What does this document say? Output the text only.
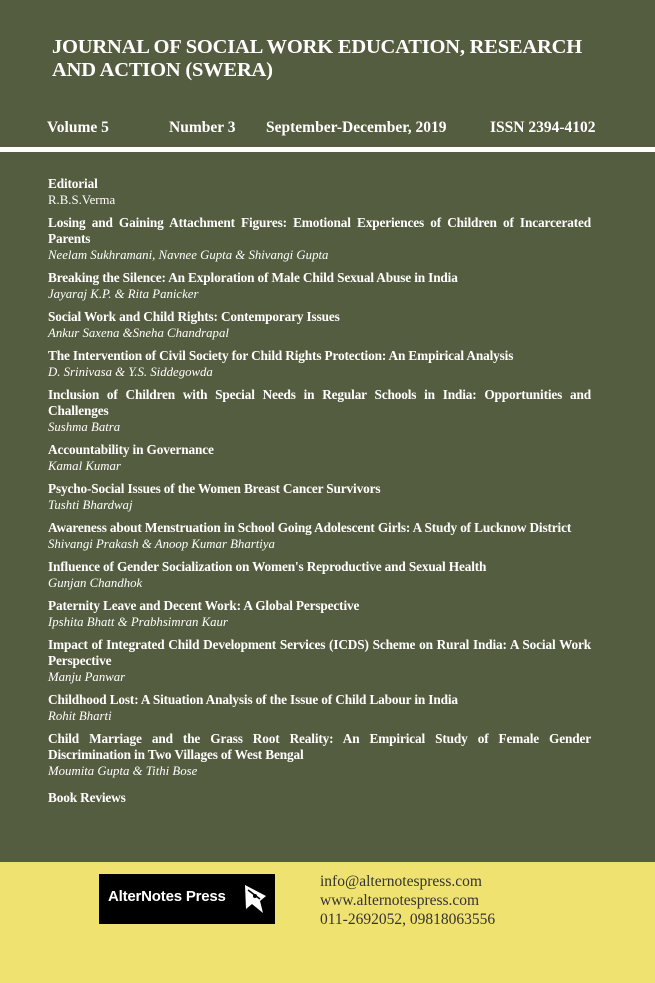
JOURNAL OF SOCIAL WORK EDUCATION, RESEARCH
AND ACTION (SWERA)
Volume 5	Number 3 September-December, 2019	ISSN 2394-4102
Editorial
R.B.S.Verma
Losing and Gaining Attachment Figures: Emotional Experiences of Children of Incarcerated Parents
Neelam Sukhramani, Navnee Gupta & Shivangi Gupta
Breaking the Silence: An Exploration of Male Child Sexual Abuse in India
Jayaraj K.P. & Rita Panicker
Social Work and Child Rights: Contemporary Issues
Ankur Saxena &Sneha Chandrapal
The Intervention of Civil Society for Child Rights Protection: An Empirical Analysis
D. Srinivasa & Y.S. Siddegowda
Inclusion of Children with Special Needs in Regular Schools in India: Opportunities and Challenges
Sushma Batra
Accountability in Governance
Kamal Kumar
Psycho-Social Issues of the Women Breast Cancer Survivors
Tushti Bhardwaj
Awareness about Menstruation in School Going Adolescent Girls: A Study of Lucknow District
Shivangi Prakash & Anoop Kumar Bhartiya
Influence of Gender Socialization on Women's Reproductive and Sexual Health
Gunjan Chandhok
Paternity Leave and Decent Work: A Global Perspective
Ipshita Bhatt & Prabhsimran Kaur
Impact of Integrated Child Development Services (ICDS) Scheme on Rural India: A Social Work Perspective
Manju Panwar
Childhood Lost: A Situation Analysis of the Issue of Child Labour in India
Rohit Bharti
Child Marriage and the Grass Root Reality: An Empirical Study of Female Gender Discrimination in Two Villages of West Bengal
Moumita Gupta & Tithi Bose
Book Reviews
AlterNotes Press
info@alternotespress.com
www.alternotespress.com
011-2692052, 09818063556
